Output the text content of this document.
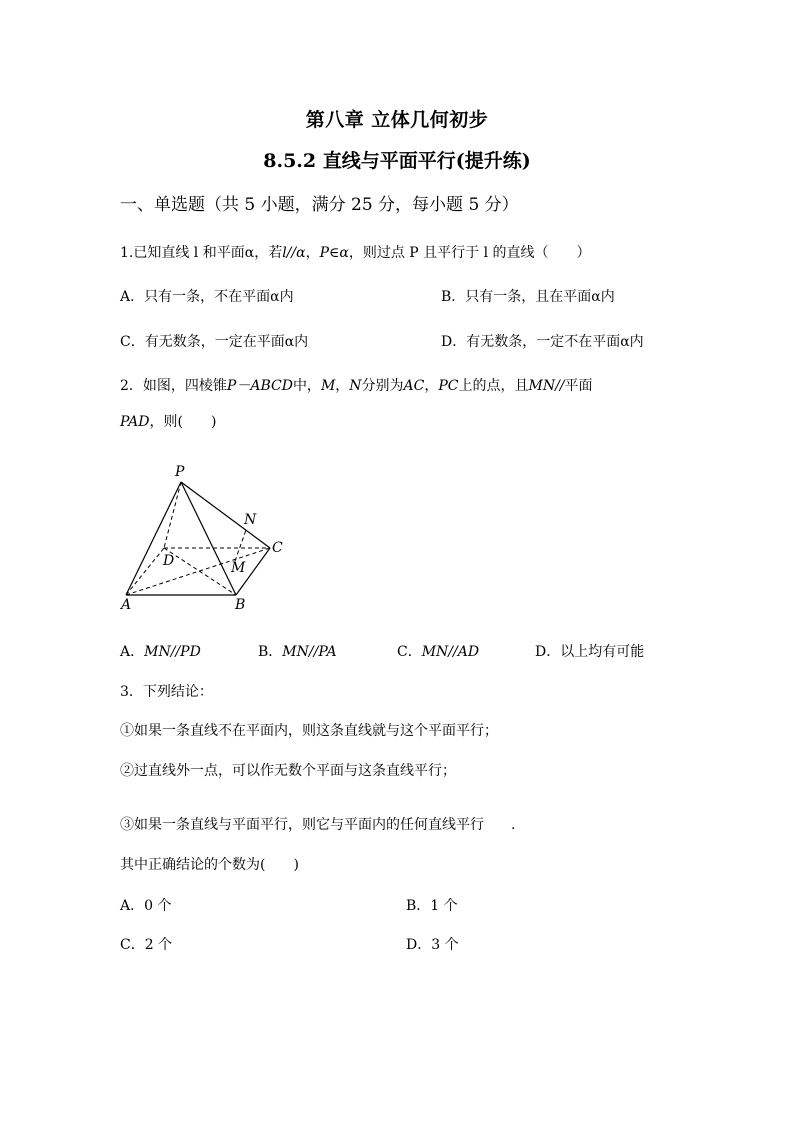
第八章 立体几何初步
8.5.2 直线与平面平行(提升练)
一、单选题（共 5 小题，满分 25 分，每小题 5 分）
1.已知直线 l 和平面α，若l//α，P∈α，则过点 P 且平行于 l 的直线（　　）
A．只有一条，不在平面α内	B．只有一条，且在平面α内
C．有无数条，一定在平面α内	D．有无数条，一定不在平面α内
2．如图，四棱锥P－ABCD中，M，N分别为AC，PC上的点，且MN//平面
PAD，则(　　)
P
N
C
D	M
A	B
A．MN//PD	B．MN//PA	C．MN//AD	D．以上均有可能
3．下列结论：
①如果一条直线不在平面内，则这条直线就与这个平面平行；
②过直线外一点，可以作无数个平面与这条直线平行；
③如果一条直线与平面平行，则它与平面内的任何直线平行 .
其中正确结论的个数为(　　)
A．0 个	B．1 个
C．2 个	D．3 个
